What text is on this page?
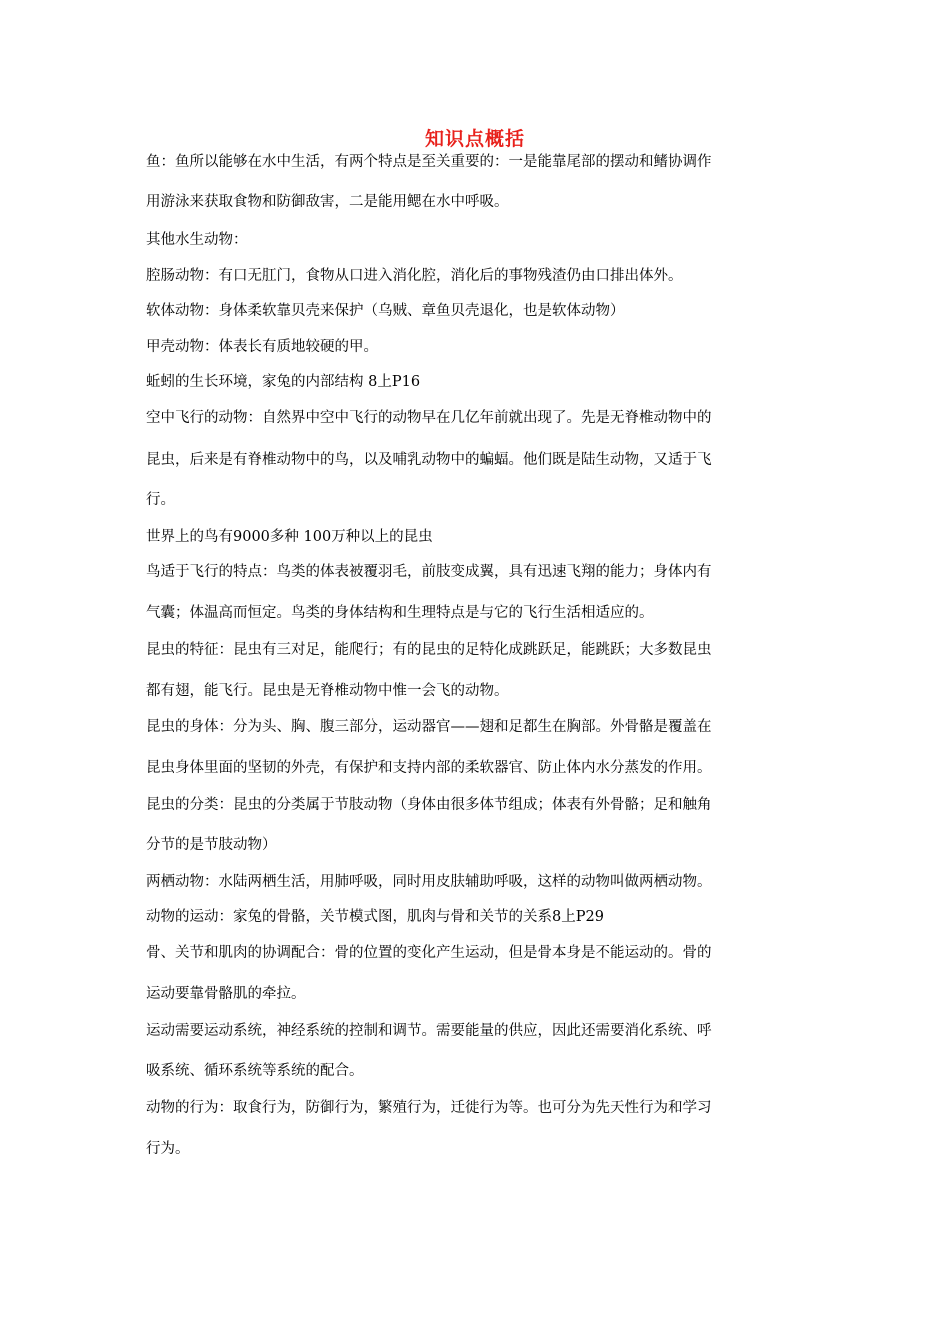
知识点概括
鱼：鱼所以能够在水中生活，有两个特点是至关重要的：一是能靠尾部的摆动和鳍协调作
用游泳来获取食物和防御敌害，二是能用鳃在水中呼吸。
其他水生动物：
腔肠动物：有口无肛门，食物从口进入消化腔，消化后的事物残渣仍由口排出体外。
软体动物：身体柔软靠贝壳来保护（乌贼、章鱼贝壳退化，也是软体动物）
甲壳动物：体表长有质地较硬的甲。
蚯蚓的生长环境，家兔的内部结构 8上P16
空中飞行的动物：自然界中空中飞行的动物早在几亿年前就出现了。先是无脊椎动物中的
昆虫，后来是有脊椎动物中的鸟，以及哺乳动物中的蝙蝠。他们既是陆生动物，又适于飞
行。
世界上的鸟有9000多种 100万种以上的昆虫
鸟适于飞行的特点：鸟类的体表被覆羽毛，前肢变成翼，具有迅速飞翔的能力；身体内有
气囊；体温高而恒定。鸟类的身体结构和生理特点是与它的飞行生活相适应的。
昆虫的特征：昆虫有三对足，能爬行；有的昆虫的足特化成跳跃足，能跳跃；大多数昆虫
都有翅，能飞行。昆虫是无脊椎动物中惟一会飞的动物。
昆虫的身体：分为头、胸、腹三部分，运动器官——翅和足都生在胸部。外骨骼是覆盖在
昆虫身体里面的坚韧的外壳，有保护和支持内部的柔软器官、防止体内水分蒸发的作用。
昆虫的分类：昆虫的分类属于节肢动物（身体由很多体节组成；体表有外骨骼；足和触角
分节的是节肢动物）
两栖动物：水陆两栖生活，用肺呼吸，同时用皮肤辅助呼吸，这样的动物叫做两栖动物。
动物的运动：家兔的骨骼，关节模式图，肌肉与骨和关节的关系8上P29
骨、关节和肌肉的协调配合：骨的位置的变化产生运动，但是骨本身是不能运动的。骨的
运动要靠骨骼肌的牵拉。
运动需要运动系统，神经系统的控制和调节。需要能量的供应，因此还需要消化系统、呼
吸系统、循环系统等系统的配合。
动物的行为：取食行为，防御行为，繁殖行为，迁徙行为等。也可分为先天性行为和学习
行为。
